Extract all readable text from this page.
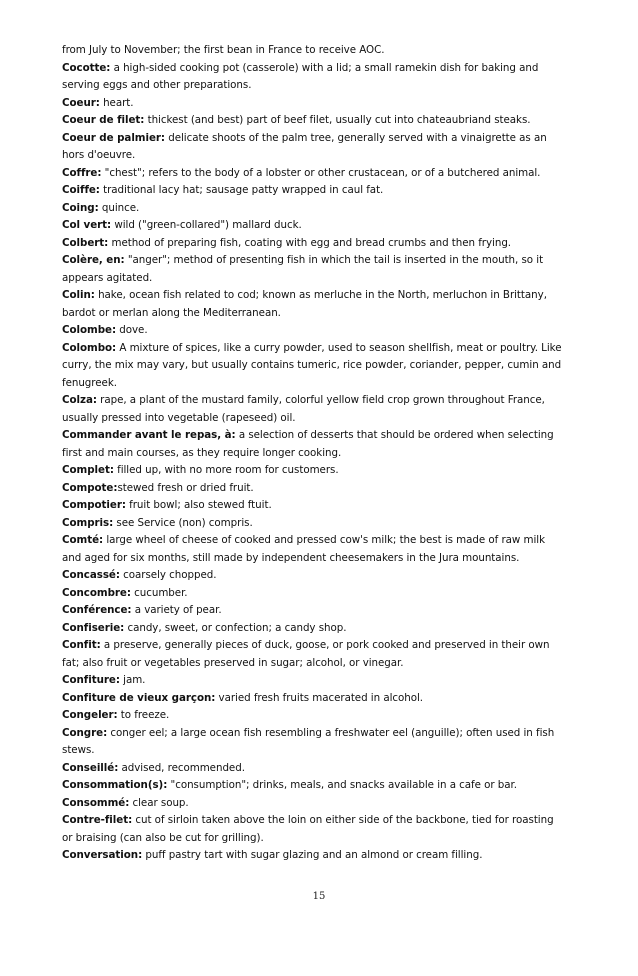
from July to November; the first bean in France to receive AOC.

Cocotte: a high-sided cooking pot (casserole) with a lid; a small ramekin dish for baking and serving eggs and other preparations.

Coeur: heart.

Coeur de filet: thickest (and best) part of beef filet, usually cut into chateaubriand steaks.

Coeur de palmier: delicate shoots of the palm tree, generally served with a vinaigrette as an hors d'oeuvre.

Coffre: "chest"; refers to the body of a lobster or other crustacean, or of a butchered animal.

Coiffe: traditional lacy hat; sausage patty wrapped in caul fat.

Coing: quince.

Col vert: wild ("green-collared") mallard duck.

Colbert: method of preparing fish, coating with egg and bread crumbs and then frying.

Colère, en: "anger"; method of presenting fish in which the tail is inserted in the mouth, so it appears agitated.

Colin: hake, ocean fish related to cod; known as merluche in the North, merluchon in Brittany, bardot or merlan along the Mediterranean.

Colombe: dove.

Colombo: A mixture of spices, like a curry powder, used to season shellfish, meat or poultry. Like curry, the mix may vary, but usually contains tumeric, rice powder, coriander, pepper, cumin and fenugreek.

Colza: rape, a plant of the mustard family, colorful yellow field crop grown throughout France, usually pressed into vegetable (rapeseed) oil.

Commander avant le repas, à: a selection of desserts that should be ordered when selecting first and main courses, as they require longer cooking.

Complet: filled up, with no more room for customers.

Compote:stewed fresh or dried fruit.

Compotier: fruit bowl; also stewed ftuit.

Compris: see Service (non) compris.

Comté: large wheel of cheese of cooked and pressed cow's milk; the best is made of raw milk and aged for six months, still made by independent cheesemakers in the Jura mountains.

Concassé: coarsely chopped.

Concombre: cucumber.

Conférence: a variety of pear.

Confiserie: candy, sweet, or confection; a candy shop.

Confit: a preserve, generally pieces of duck, goose, or pork cooked and preserved in their own fat; also fruit or vegetables preserved in sugar; alcohol, or vinegar.

Confiture: jam.

Confiture de vieux garçon: varied fresh fruits macerated in alcohol.

Congeler: to freeze.

Congre: conger eel; a large ocean fish resembling a freshwater eel (anguille); often used in fish stews.

Conseillé: advised, recommended.

Consommation(s): "consumption"; drinks, meals, and snacks available in a cafe or bar.

Consommé: clear soup.

Contre-filet: cut of sirloin taken above the loin on either side of the backbone, tied for roasting or braising (can also be cut for grilling).

Conversation: puff pastry tart with sugar glazing and an almond or cream filling.

15
